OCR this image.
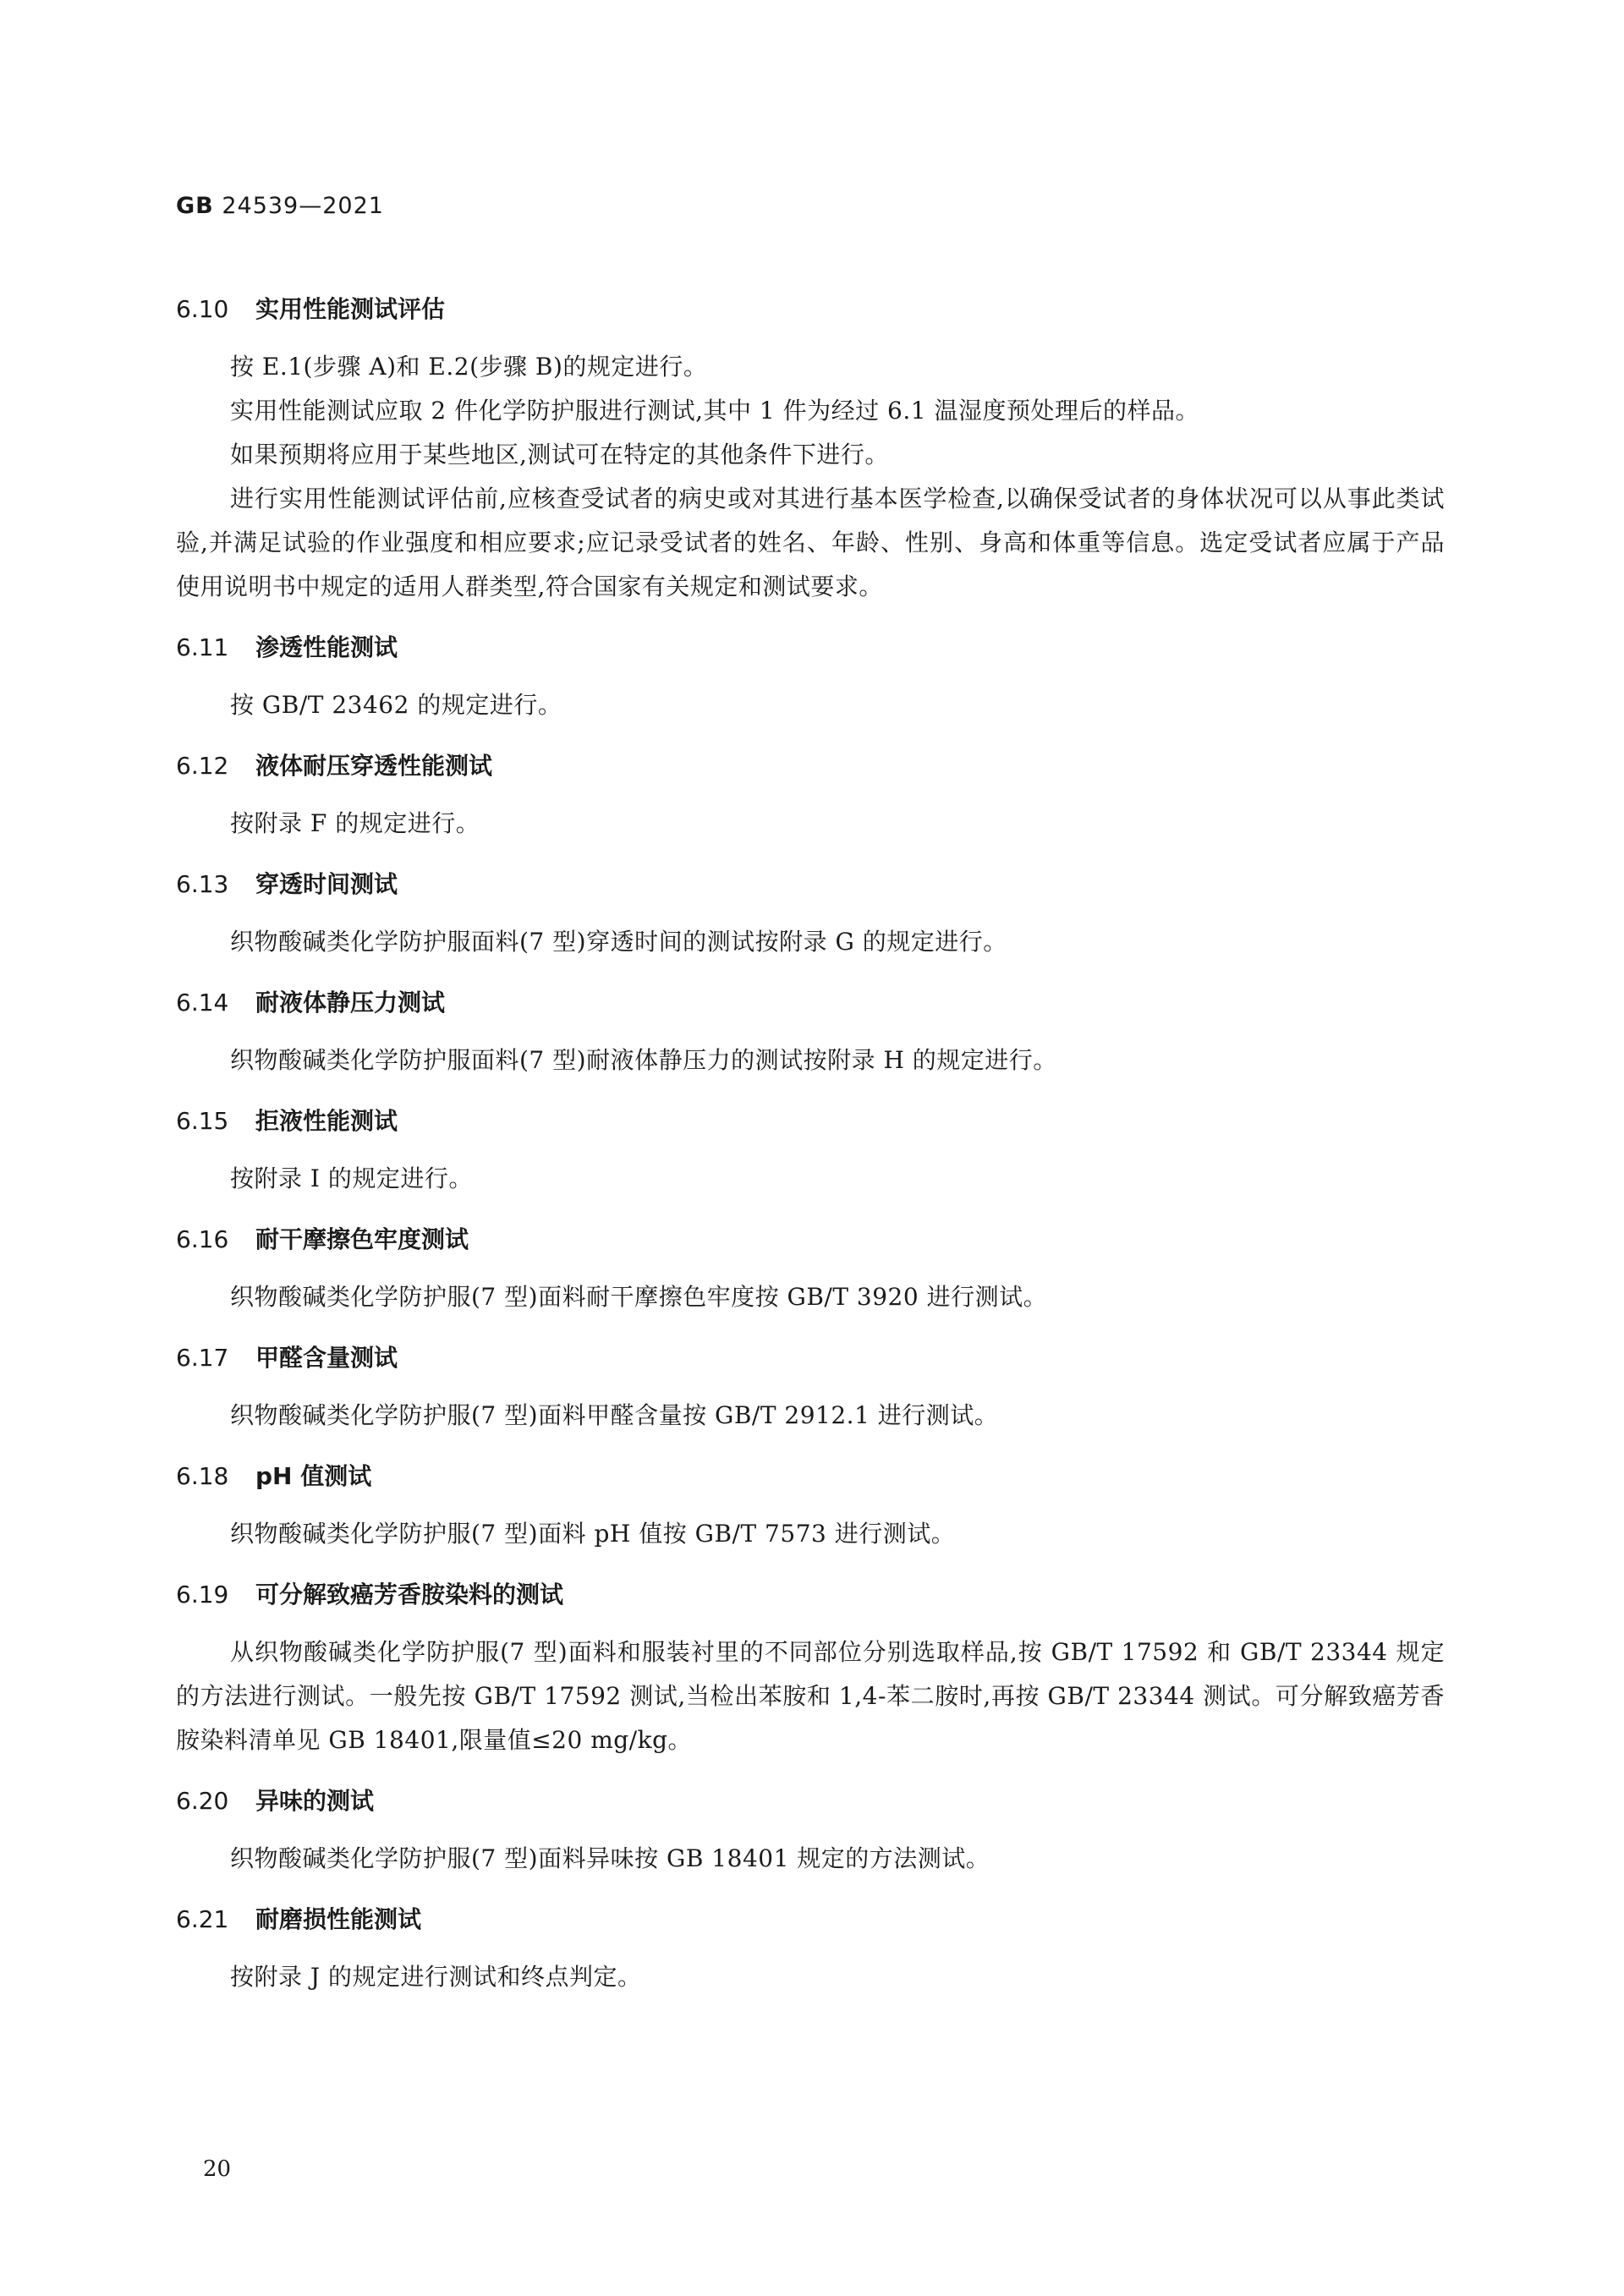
GB 24539—2021
6.10 实用性能测试评估

按 E.1(步骤 A)和 E.2(步骤 B)的规定进行。

实用性能测试应取 2 件化学防护服进行测试,其中 1 件为经过 6.1 温湿度预处理后的样品。

如果预期将应用于某些地区,测试可在特定的其他条件下进行。

进行实用性能测试评估前,应核查受试者的病史或对其进行基本医学检查,以确保受试者的身体状况可以从事此类试验,并满足试验的作业强度和相应要求;应记录受试者的姓名、年龄、性别、身高和体重等信息。选定受试者应属于产品使用说明书中规定的适用人群类型,符合国家有关规定和测试要求。

6.11 渗透性能测试

按 GB/T 23462 的规定进行。

6.12 液体耐压穿透性能测试

按附录 F 的规定进行。

6.13 穿透时间测试

织物酸碱类化学防护服面料(7 型)穿透时间的测试按附录 G 的规定进行。

6.14 耐液体静压力测试

织物酸碱类化学防护服面料(7 型)耐液体静压力的测试按附录 H 的规定进行。

6.15 拒液性能测试

按附录 I 的规定进行。

6.16 耐干摩擦色牢度测试

织物酸碱类化学防护服(7 型)面料耐干摩擦色牢度按 GB/T 3920 进行测试。

6.17 甲醛含量测试

织物酸碱类化学防护服(7 型)面料甲醛含量按 GB/T 2912.1 进行测试。

6.18 pH 值测试

织物酸碱类化学防护服(7 型)面料 pH 值按 GB/T 7573 进行测试。

6.19 可分解致癌芳香胺染料的测试

从织物酸碱类化学防护服(7 型)面料和服装衬里的不同部位分别选取样品,按 GB/T 17592 和 GB/T 23344 规定的方法进行测试。一般先按 GB/T 17592 测试,当检出苯胺和 1,4-苯二胺时,再按 GB/T 23344 测试。可分解致癌芳香胺染料清单见 GB 18401,限量值≤20 mg/kg。

6.20 异味的测试

织物酸碱类化学防护服(7 型)面料异味按 GB 18401 规定的方法测试。

6.21 耐磨损性能测试

按附录 J 的规定进行测试和终点判定。

20
